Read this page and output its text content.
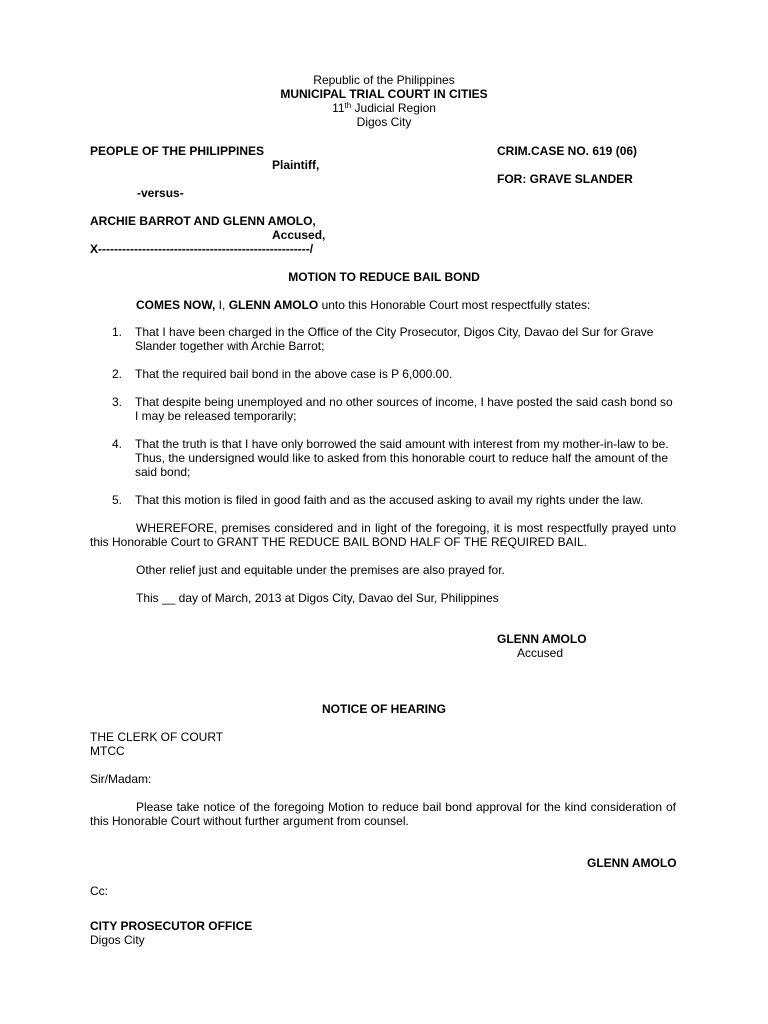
Republic of the Philippines
MUNICIPAL TRIAL COURT IN CITIES
11th Judicial Region
Digos City
PEOPLE OF THE PHILIPPINES
Plaintiff,
CRIM.CASE NO. 619 (06)
FOR: GRAVE SLANDER
-versus-
ARCHIE BARROT AND GLENN AMOLO,
Accused,
X-----------------------------------------------------/
MOTION TO REDUCE BAIL BOND
COMES NOW, I, GLENN AMOLO unto this Honorable Court most respectfully states:
1. That I have been charged in the Office of the City Prosecutor, Digos City, Davao del Sur for Grave Slander together with Archie Barrot;
2. That the required bail bond in the above case is P 6,000.00.
3. That despite being unemployed and no other sources of income, I have posted the said cash bond so I may be released temporarily;
4. That the truth is that I have only borrowed the said amount with interest from my mother-in-law to be. Thus, the undersigned would like to asked from this honorable court to reduce half the amount of the said bond;
5. That this motion is filed in good faith and as the accused asking to avail my rights under the law.
WHEREFORE, premises considered and in light of the foregoing, it is most respectfully prayed unto this Honorable Court to GRANT THE REDUCE BAIL BOND HALF OF THE REQUIRED BAIL.
Other relief just and equitable under the premises are also prayed for.
This __ day of March, 2013 at Digos City, Davao del Sur, Philippines
GLENN AMOLO
Accused
NOTICE OF HEARING
THE CLERK OF COURT
MTCC
Sir/Madam:
Please take notice of the foregoing Motion to reduce bail bond approval for the kind consideration of this Honorable Court without further argument from counsel.
GLENN AMOLO
Cc:
CITY PROSECUTOR OFFICE
Digos City
